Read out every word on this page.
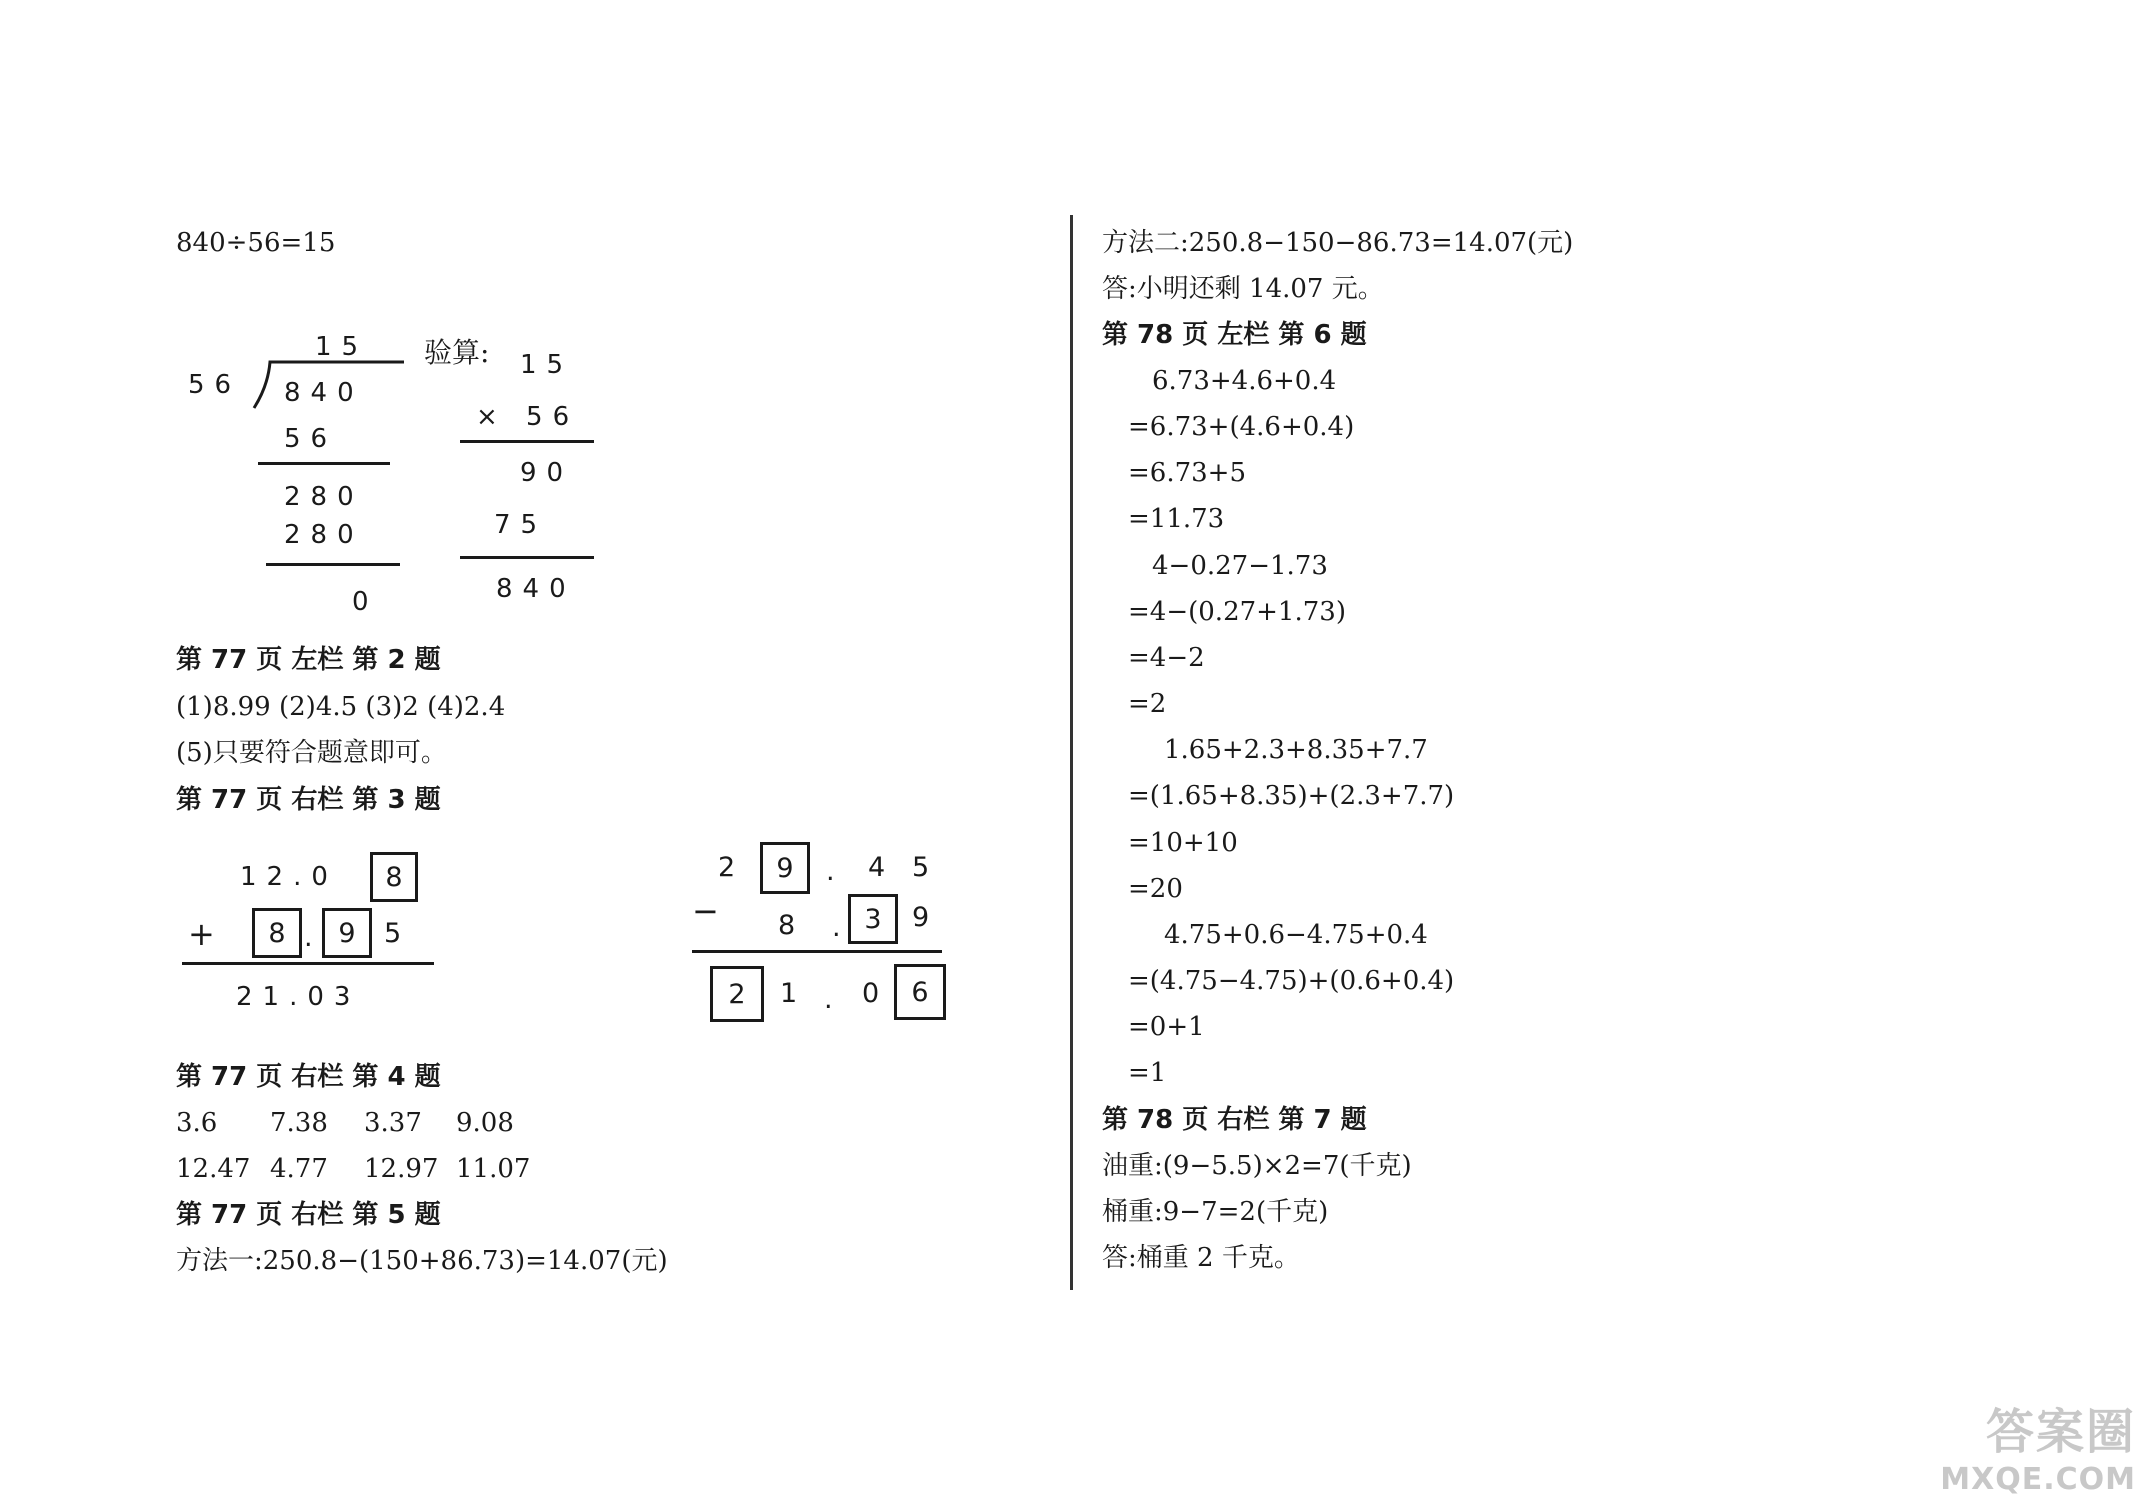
840÷56=15
15
56 840
56
280
280
0
验算: 15
× 56
90
75
840
第 77 页 左栏 第 2 题
(1)8.99 (2)4.5 (3)2 (4)2.4
(5)只要符合题意即可。
第 77 页 右栏 第 3 题
12.0	8
+	8 . 9	5
21.03
2	9	. 4 5
− 8 . 3	9
2	1 . 0	6
第 77 页 右栏 第 4 题
3.6 7.38 3.37 9.08
12.47 4.77 12.97 11.07
第 77 页 右栏 第 5 题
方法一:250.8−(150+86.73)=14.07(元)
方法二:250.8−150−86.73=14.07(元)
答:小明还剩 14.07 元。
第 78 页 左栏 第 6 题
6.73+4.6+0.4
=6.73+(4.6+0.4)
=6.73+5
=11.73
4−0.27−1.73
=4−(0.27+1.73)
=4−2
=2
1.65+2.3+8.35+7.7
=(1.65+8.35)+(2.3+7.7)
=10+10
=20
4.75+0.6−4.75+0.4
=(4.75−4.75)+(0.6+0.4)
=0+1
=1
第 78 页 右栏 第 7 题
油重:(9−5.5)×2=7(千克)
桶重:9−7=2(千克)
答:桶重 2 千克。
答案圈
MXQE.COM
